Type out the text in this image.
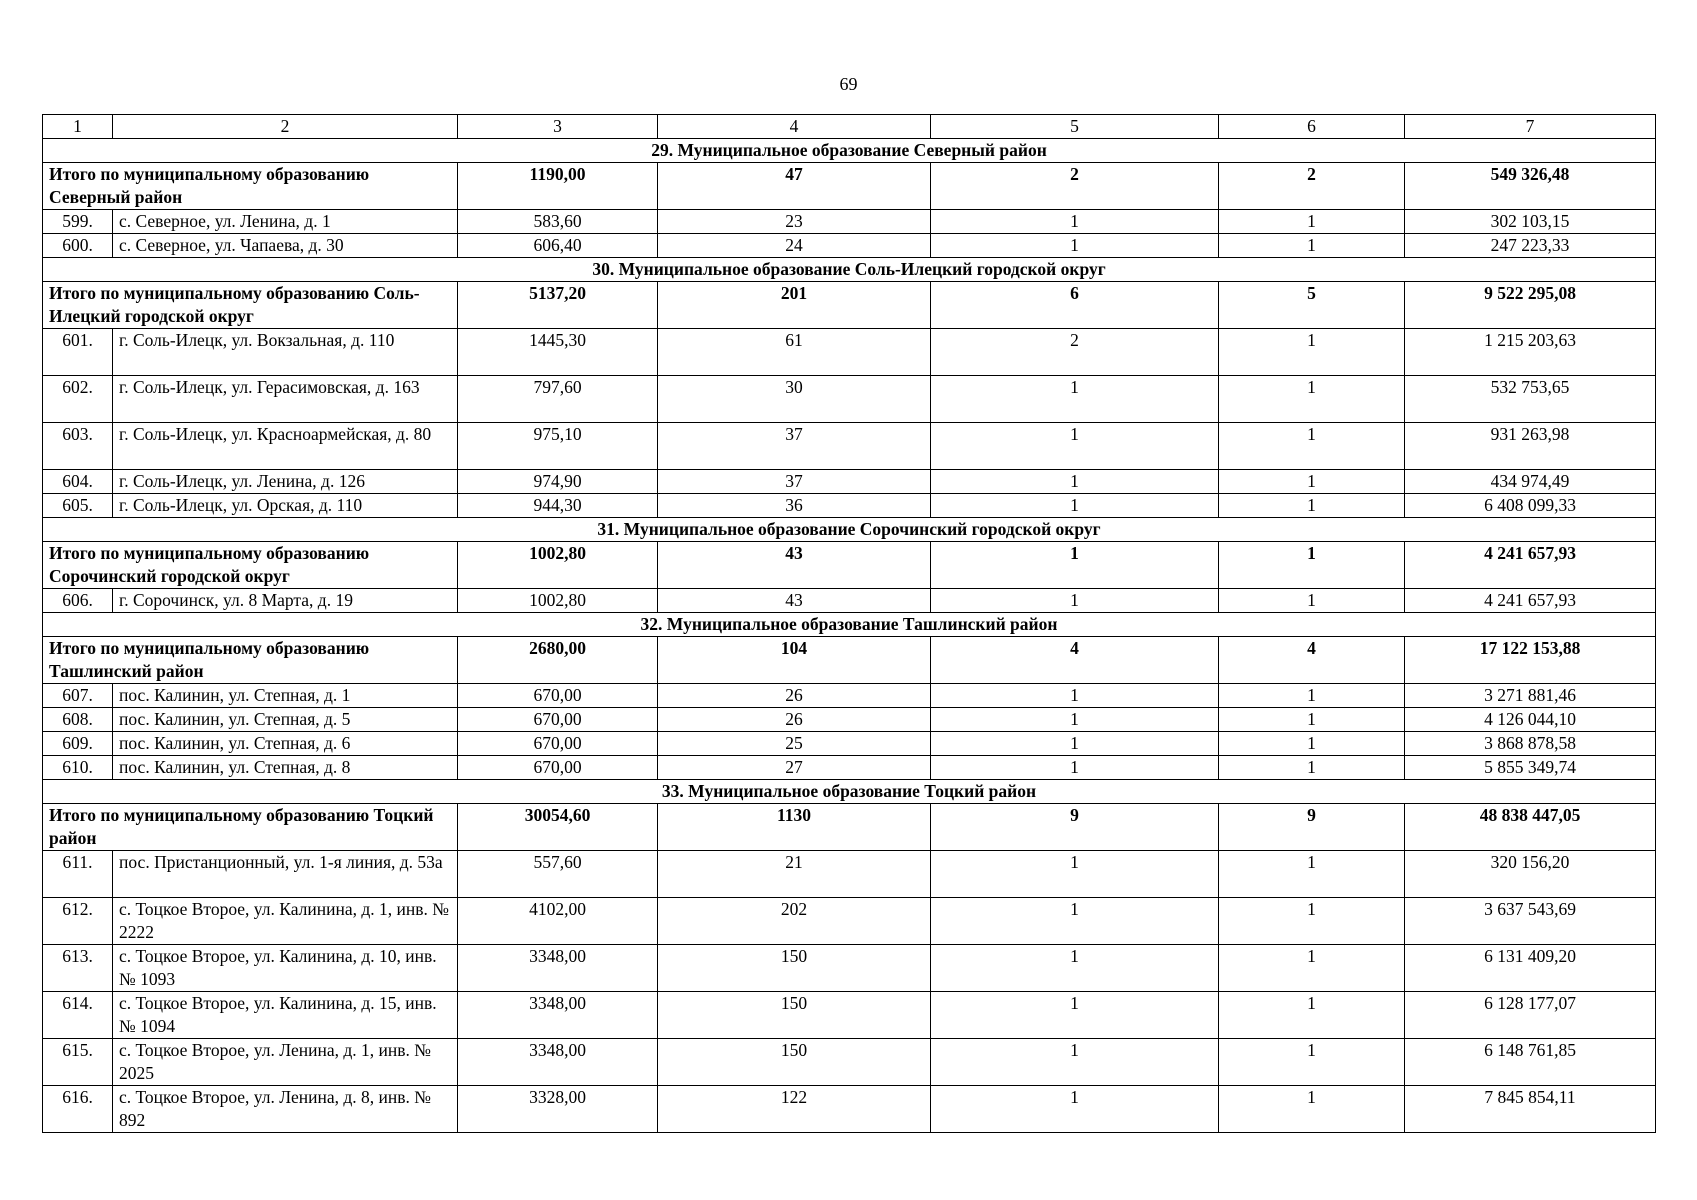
69
1	2	3	4	5	6	7
29. Муниципальное образование Северный район						
Итого по муниципальному образованию Северный район		1190,00	47	2	2	549 326,48
599.	с. Северное, ул. Ленина, д. 1	583,60	23	1	1	302 103,15
600.	с. Северное, ул. Чапаева, д. 30	606,40	24	1	1	247 223,33
30. Муниципальное образование Соль-Илецкий городской округ						
Итого по муниципальному образованию Соль-Илецкий городской округ		5137,20	201	6	5	9 522 295,08
601.	г. Соль-Илецк, ул. Вокзальная, д. 110	1445,30	61	2	1	1 215 203,63
602.	г. Соль-Илецк, ул. Герасимовская, д. 163	797,60	30	1	1	532 753,65
603.	г. Соль-Илецк, ул. Красноармейская, д. 80	975,10	37	1	1	931 263,98
604.	г. Соль-Илецк, ул. Ленина, д. 126	974,90	37	1	1	434 974,49
605.	г. Соль-Илецк, ул. Орская, д. 110	944,30	36	1	1	6 408 099,33
31. Муниципальное образование Сорочинский городской округ						
Итого по муниципальному образованию Сорочинский городской округ		1002,80	43	1	1	4 241 657,93
606.	г. Сорочинск, ул. 8 Марта, д. 19	1002,80	43	1	1	4 241 657,93
32. Муниципальное образование Ташлинский район						
Итого по муниципальному образованию Ташлинский район		2680,00	104	4	4	17 122 153,88
607.	пос. Калинин, ул. Степная, д. 1	670,00	26	1	1	3 271 881,46
608.	пос. Калинин, ул. Степная, д. 5	670,00	26	1	1	4 126 044,10
609.	пос. Калинин, ул. Степная, д. 6	670,00	25	1	1	3 868 878,58
610.	пос. Калинин, ул. Степная, д. 8	670,00	27	1	1	5 855 349,74
33. Муниципальное образование Тоцкий район						
Итого по муниципальному образованию Тоцкий район		30054,60	1130	9	9	48 838 447,05
611.	пос. Пристанционный, ул. 1-я линия, д. 53а	557,60	21	1	1	320 156,20
612.	с. Тоцкое Второе, ул. Калинина, д. 1, инв. № 2222	4102,00	202	1	1	3 637 543,69
613.	с. Тоцкое Второе, ул. Калинина, д. 10, инв. № 1093	3348,00	150	1	1	6 131 409,20
614.	с. Тоцкое Второе, ул. Калинина, д. 15, инв. № 1094	3348,00	150	1	1	6 128 177,07
615.	с. Тоцкое Второе, ул. Ленина, д. 1, инв. № 2025	3348,00	150	1	1	6 148 761,85
616.	с. Тоцкое Второе, ул. Ленина, д. 8, инв. № 892	3328,00	122	1	1	7 845 854,11
